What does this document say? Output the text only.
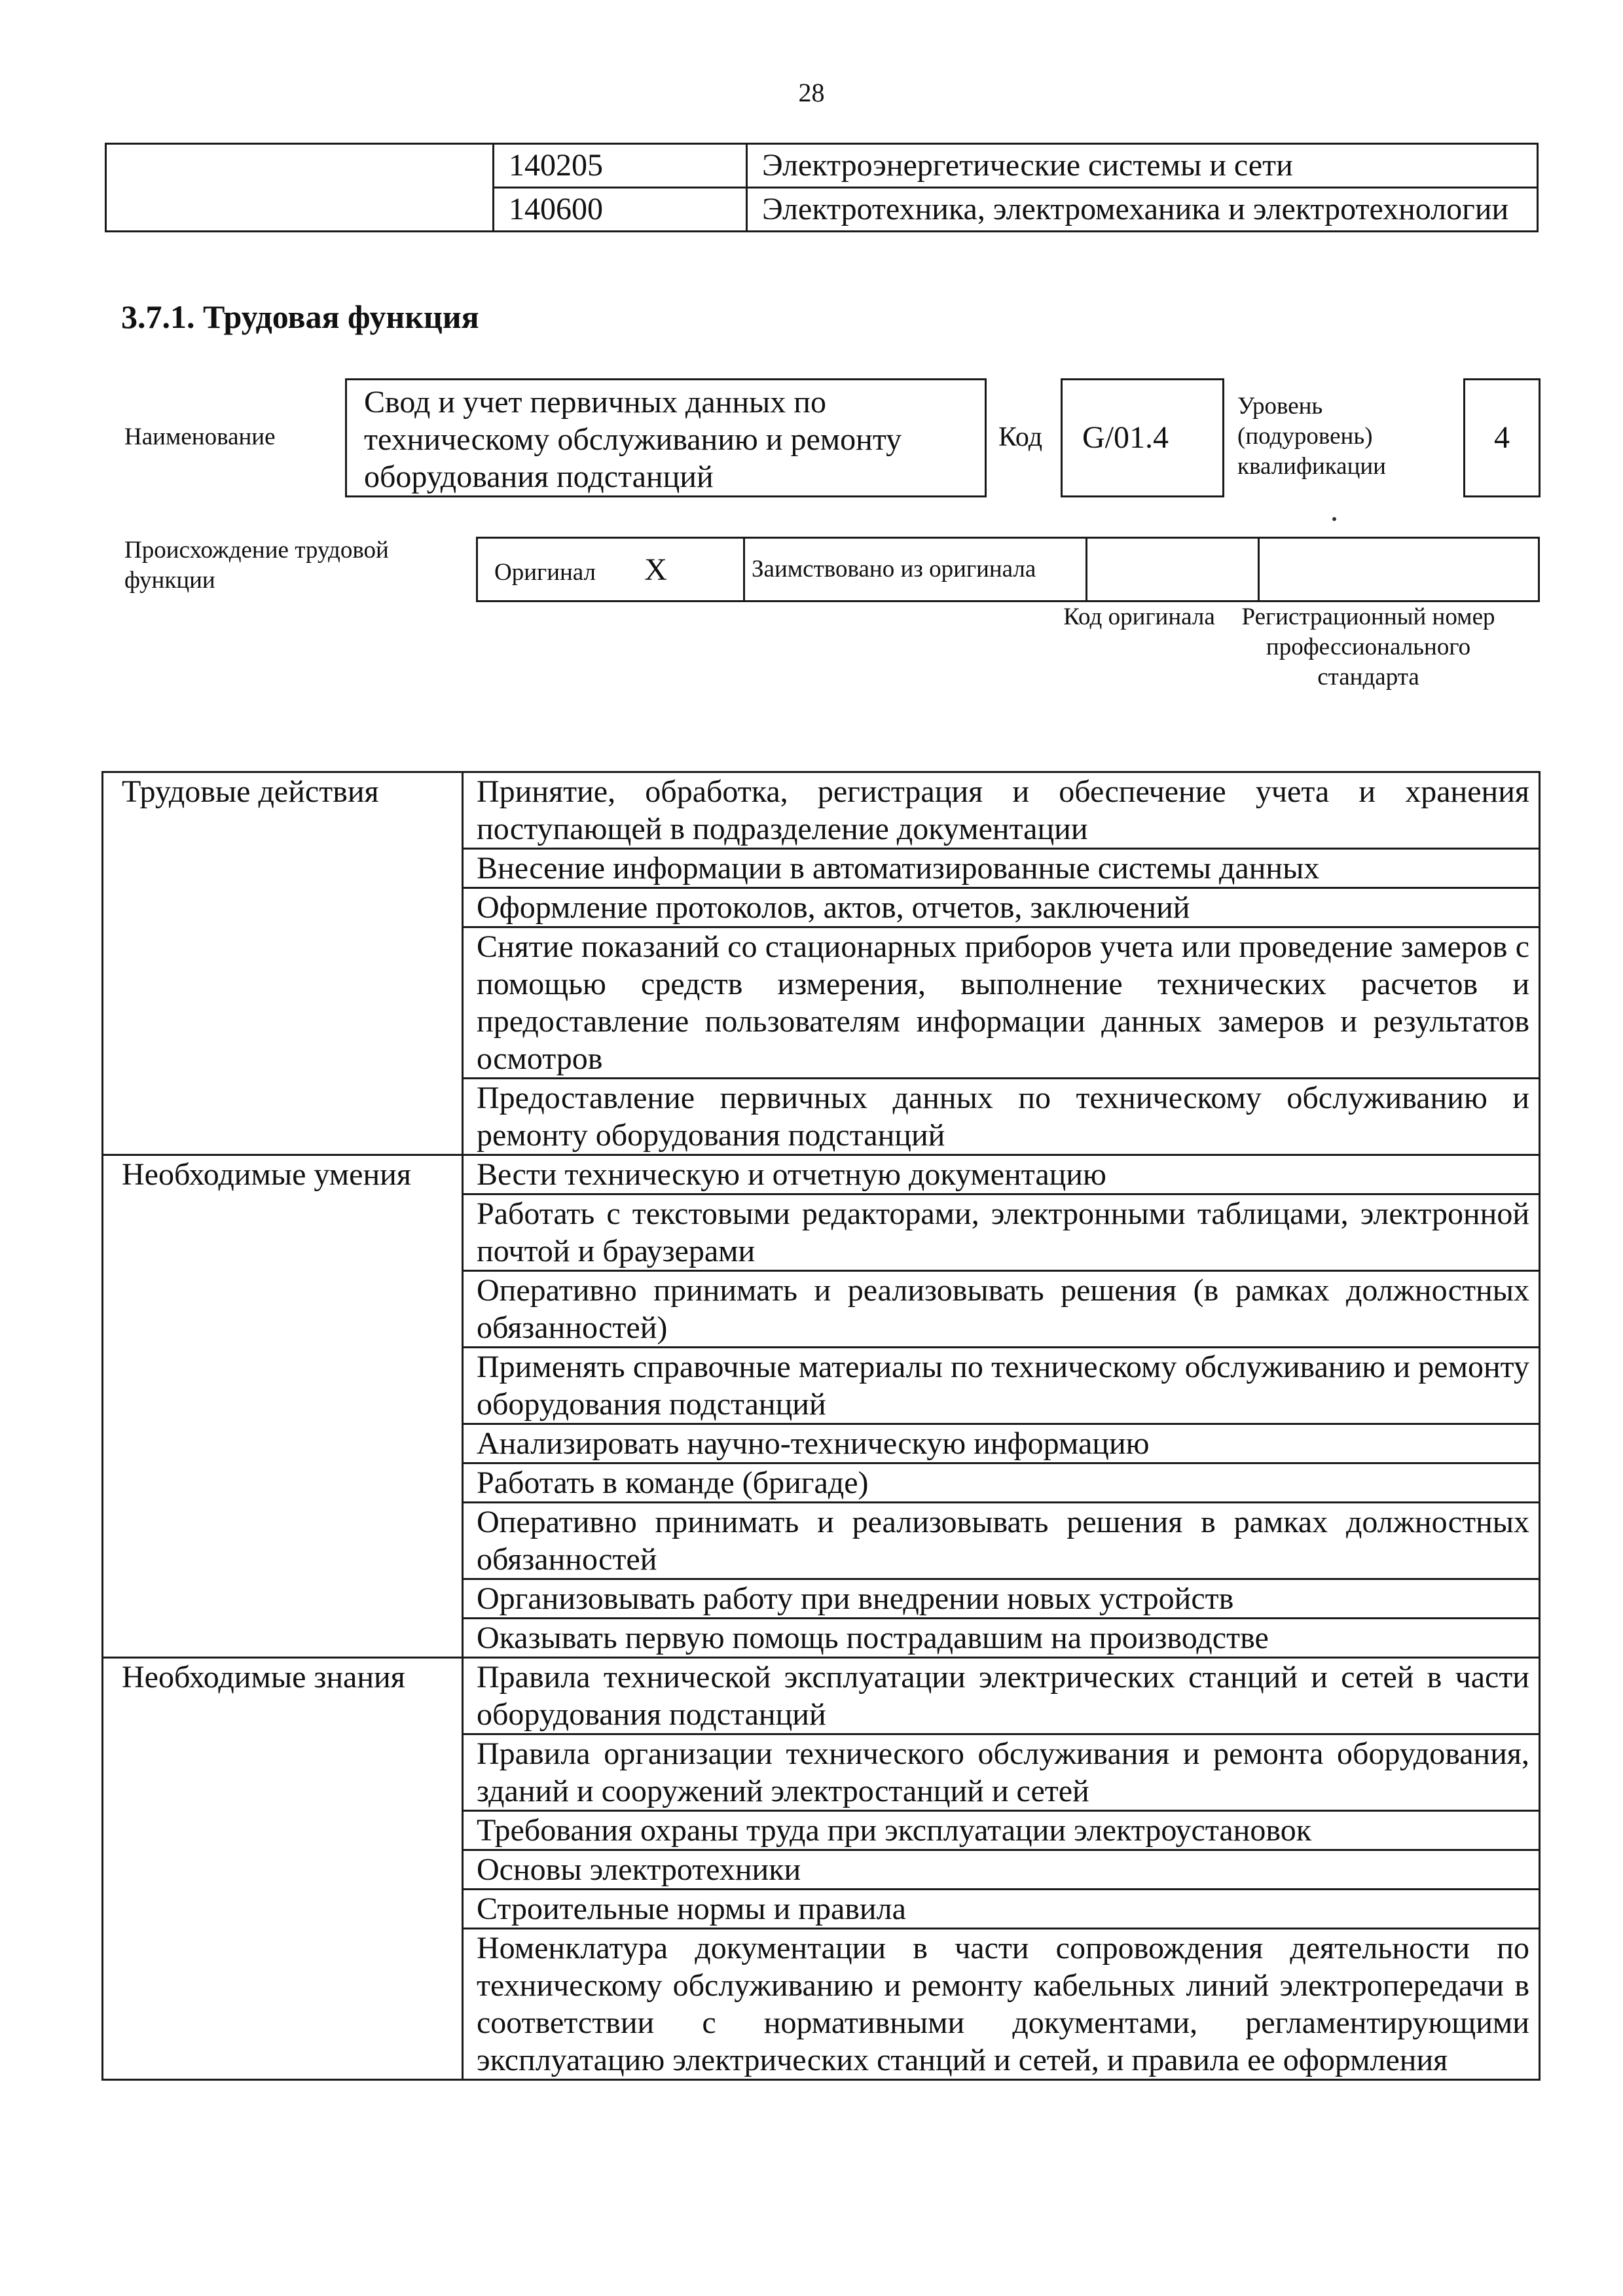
28
	140205	Электроэнергетические системы и сети
	140600	Электротехника, электромеханика и электротехнологии
3.7.1. Трудовая функция
Наименование
Свод и учет первичных данных по техническому обслуживанию и ремонту оборудования подстанций
Код	G/01.4
Уровень (подуровень) квалификации
4
Происхождение трудовой функции	Оригинал X	Заимствовано из оригинала		
Код оригинала	Регистрационный номер профессионального стандарта
Трудовые действия	Принятие, обработка, регистрация и обеспечение учета и хранения поступающей в подразделение документации
	Внесение информации в автоматизированные системы данных
	Оформление протоколов, актов, отчетов, заключений
	Снятие показаний со стационарных приборов учета или проведение замеров с помощью средств измерения, выполнение технических расчетов и предоставление пользователям информации данных замеров и результатов осмотров
	Предоставление первичных данных по техническому обслуживанию и ремонту оборудования подстанций
Необходимые умения	Вести техническую и отчетную документацию
	Работать с текстовыми редакторами, электронными таблицами, электронной почтой и браузерами
	Оперативно принимать и реализовывать решения (в рамках должностных обязанностей)
	Применять справочные материалы по техническому обслуживанию и ремонту оборудования подстанций
	Анализировать научно-техническую информацию
	Работать в команде (бригаде)
	Оперативно принимать и реализовывать решения в рамках должностных обязанностей
	Организовывать работу при внедрении новых устройств
	Оказывать первую помощь пострадавшим на производстве
Необходимые знания	Правила технической эксплуатации электрических станций и сетей в части оборудования подстанций
	Правила организации технического обслуживания и ремонта оборудования, зданий и сооружений электростанций и сетей
	Требования охраны труда при эксплуатации электроустановок
	Основы электротехники
	Строительные нормы и правила
	Номенклатура документации в части сопровождения деятельности по техническому обслуживанию и ремонту кабельных линий электропередачи в соответствии с нормативными документами, регламентирующими эксплуатацию электрических станций и сетей, и правила ее оформления
